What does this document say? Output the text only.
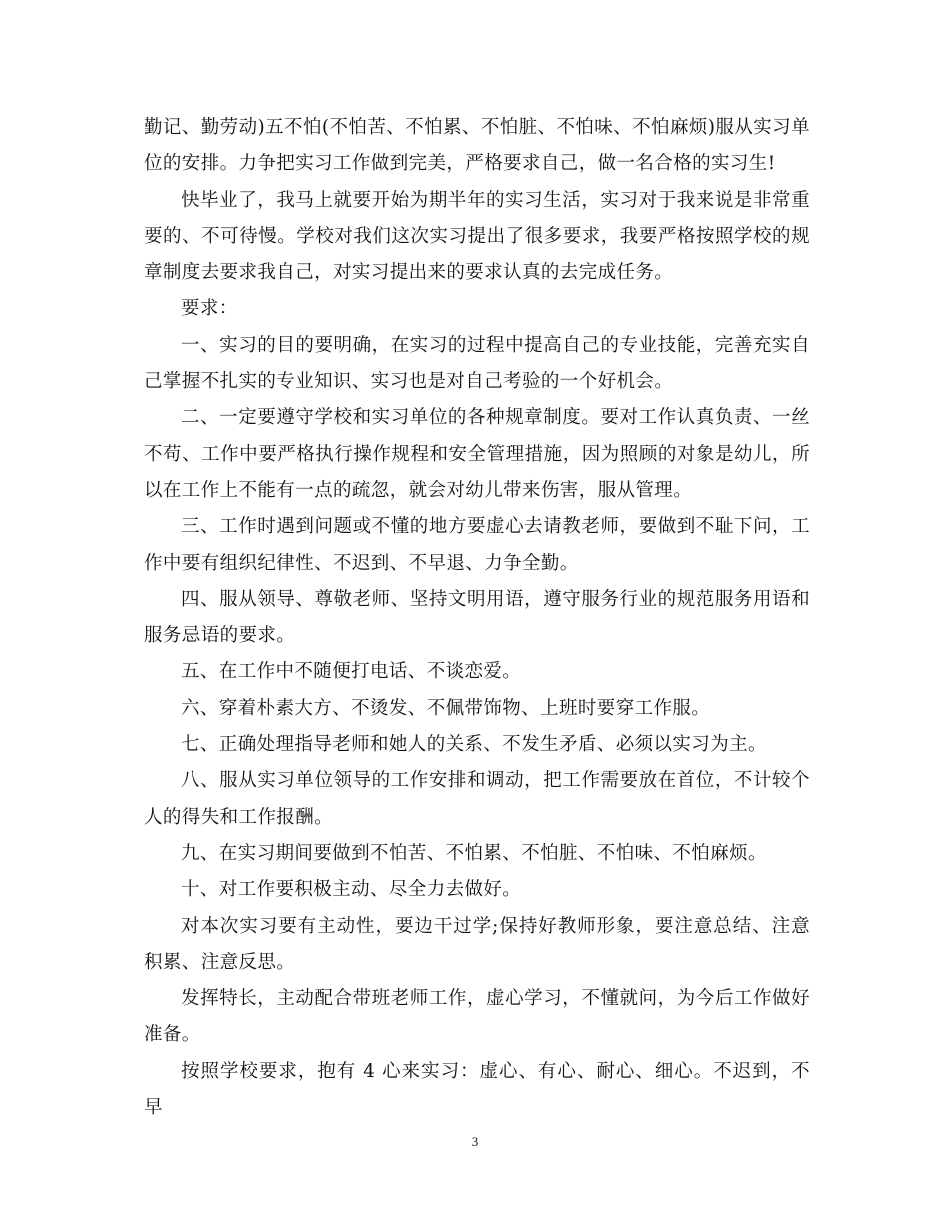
勤记、勤劳动)五不怕(不怕苦、不怕累、不怕脏、不怕味、不怕麻烦)服从实习单位的安排。力争把实习工作做到完美，严格要求自己，做一名合格的实习生!

快毕业了，我马上就要开始为期半年的实习生活，实习对于我来说是非常重要的、不可待慢。学校对我们这次实习提出了很多要求，我要严格按照学校的规章制度去要求我自己，对实习提出来的要求认真的去完成任务。

要求：

一、实习的目的要明确，在实习的过程中提高自己的专业技能，完善充实自己掌握不扎实的专业知识、实习也是对自己考验的一个好机会。

二、一定要遵守学校和实习单位的各种规章制度。要对工作认真负责、一丝不苟、工作中要严格执行操作规程和安全管理措施，因为照顾的对象是幼儿，所以在工作上不能有一点的疏忽，就会对幼儿带来伤害，服从管理。

三、工作时遇到问题或不懂的地方要虚心去请教老师，要做到不耻下问，工作中要有组织纪律性、不迟到、不早退、力争全勤。

四、服从领导、尊敬老师、坚持文明用语，遵守服务行业的规范服务用语和服务忌语的要求。

五、在工作中不随便打电话、不谈恋爱。

六、穿着朴素大方、不烫发、不佩带饰物、上班时要穿工作服。

七、正确处理指导老师和她人的关系、不发生矛盾、必须以实习为主。

八、服从实习单位领导的工作安排和调动，把工作需要放在首位，不计较个人的得失和工作报酬。

九、在实习期间要做到不怕苦、不怕累、不怕脏、不怕味、不怕麻烦。

十、对工作要积极主动、尽全力去做好。

对本次实习要有主动性，要边干过学;保持好教师形象，要注意总结、注意积累、注意反思。

发挥特长，主动配合带班老师工作，虚心学习，不懂就问，为今后工作做好准备。

按照学校要求，抱有 4 心来实习：虚心、有心、耐心、细心。不迟到，不早

3
